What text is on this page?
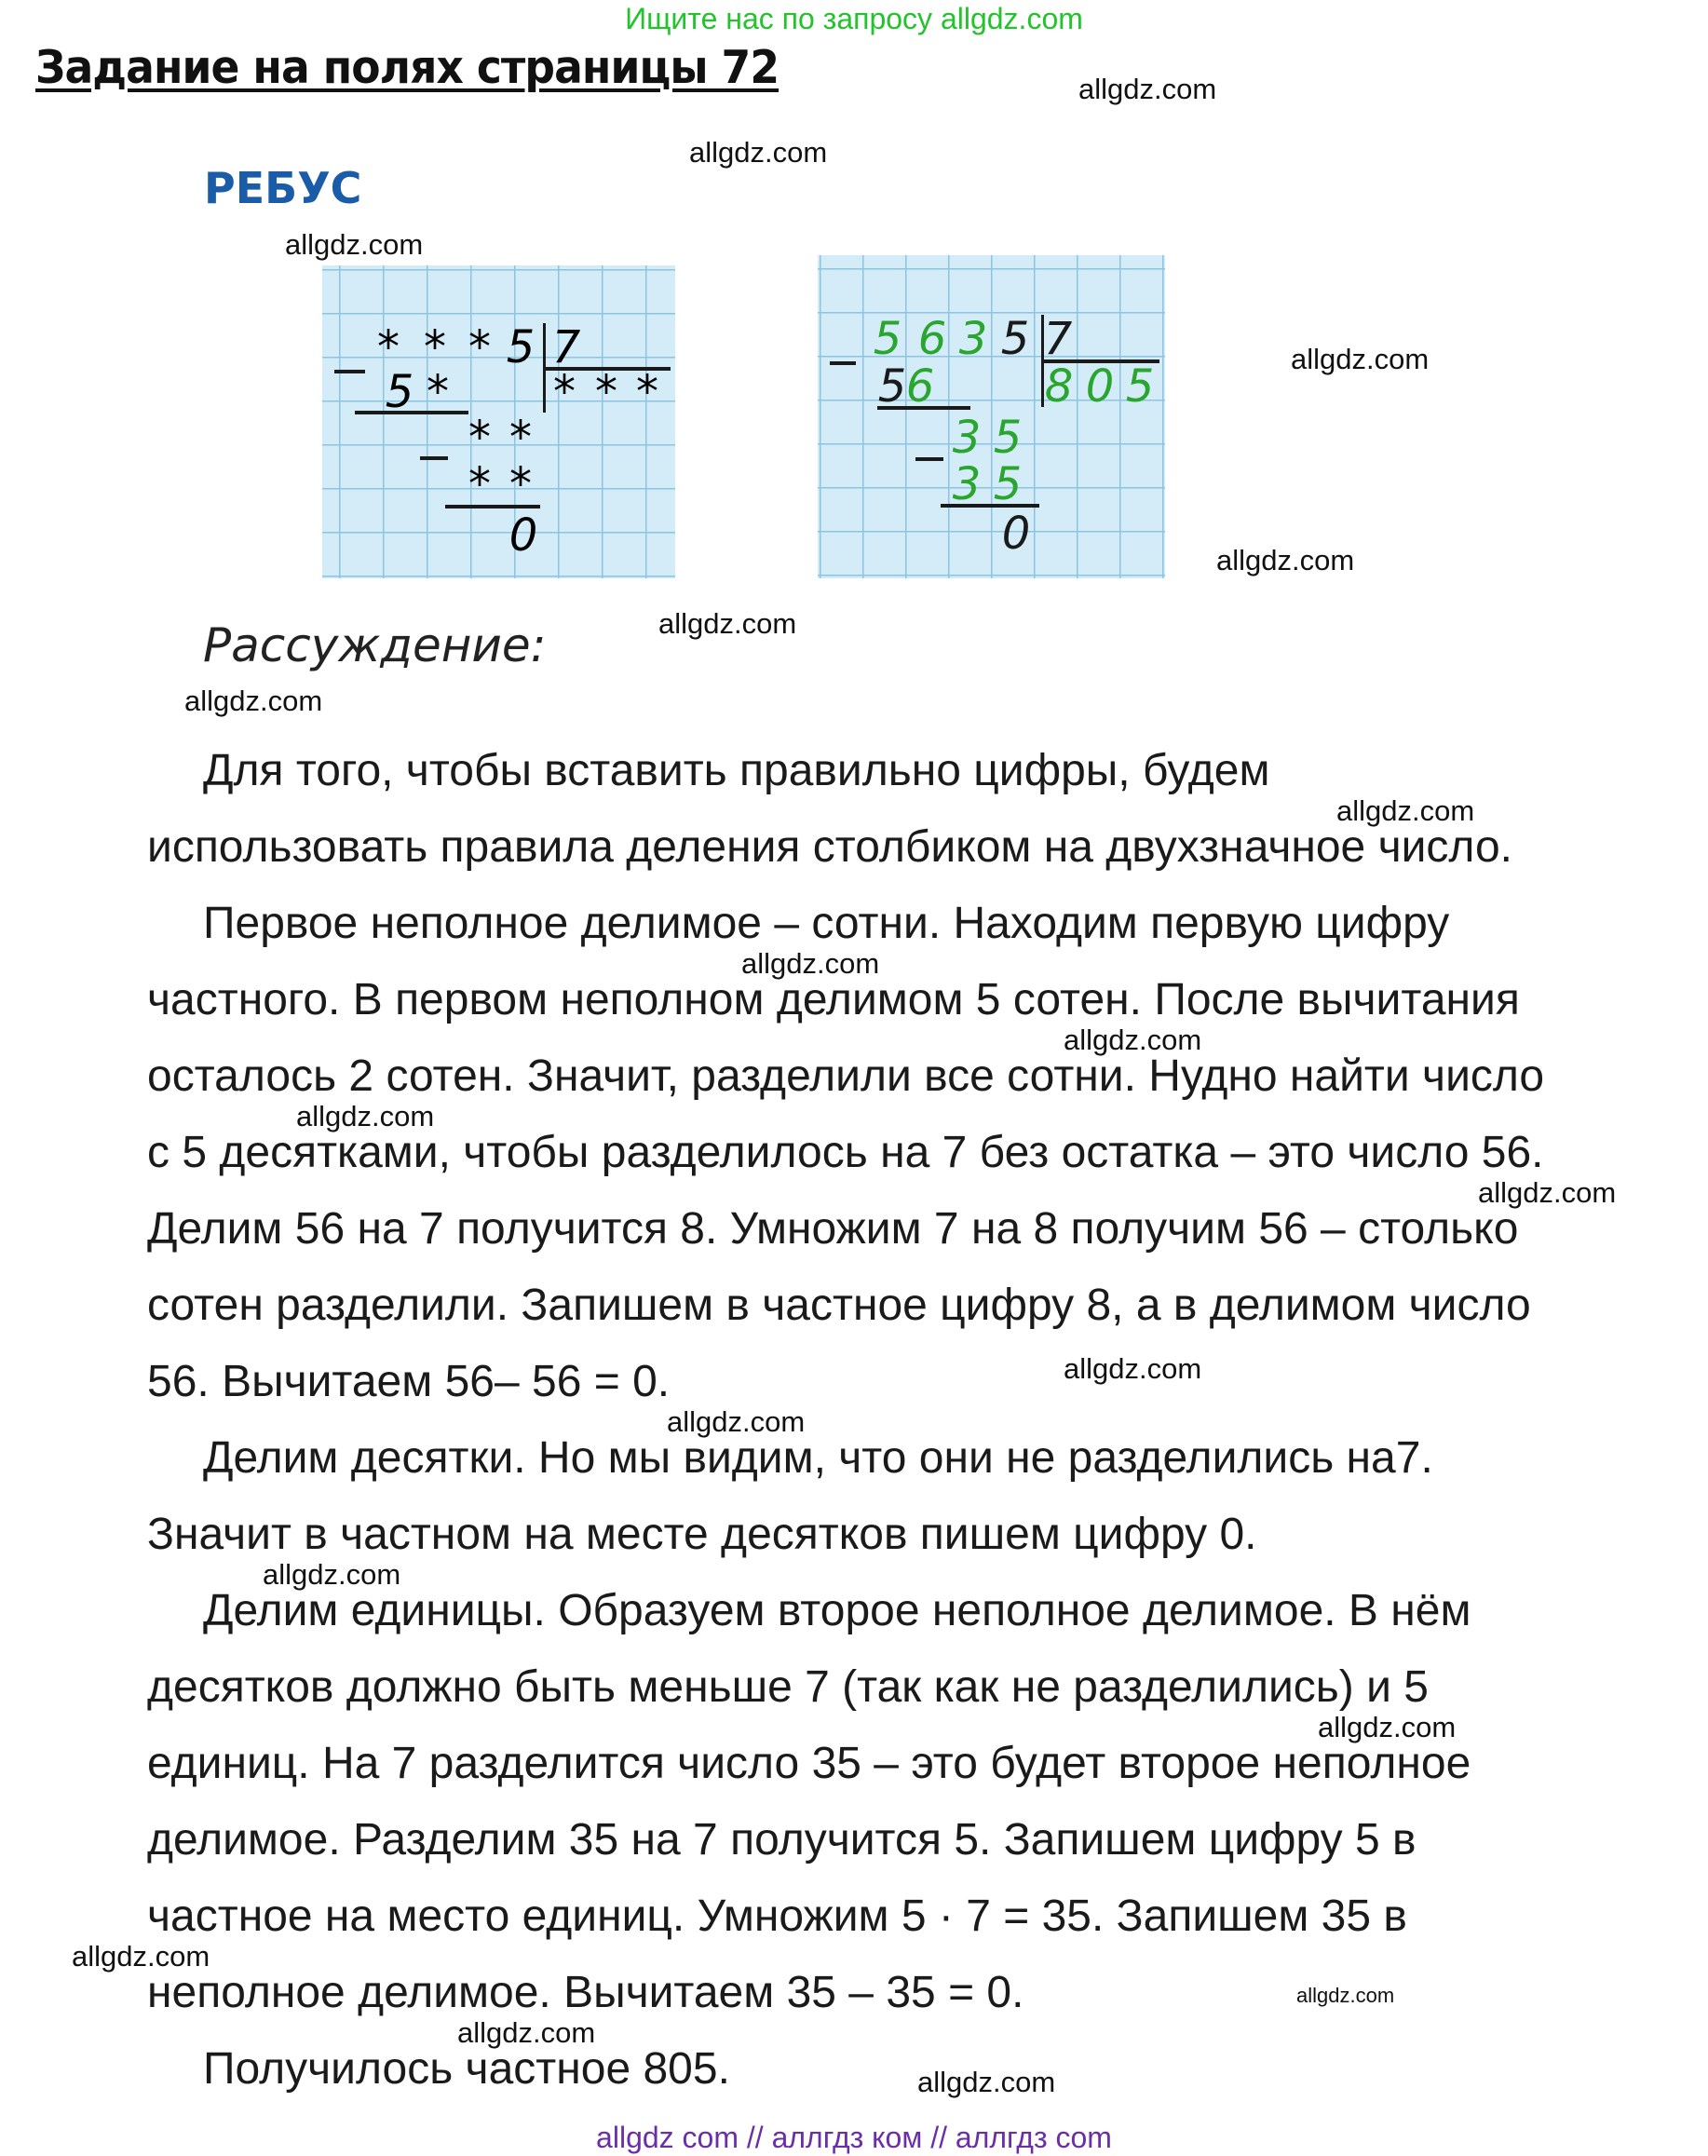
Ищите нас по запросу allgdz.com
Задание на полях страницы 72
РЕБУС
allgdz.com
allgdz.com
allgdz.com
allgdz.com
allgdz.com
allgdz.com
allgdz.com
allgdz.com
allgdz.com
allgdz.com
allgdz.com
allgdz.com
allgdz.com
allgdz.com
allgdz.com
allgdz.com
allgdz.com
allgdz.com
allgdz.com
allgdz.com
* * * 5 7
5 * * * *
* *
* *
0
5 6 3 5 7
5 6 8 0 5
3 5
3 5
0
Рассуждение:
Для того, чтобы вставить правильно цифры, будем
использовать правила деления столбиком на двухзначное число.
Первое неполное делимое – сотни. Находим первую цифру
частного. В первом неполном делимом 5 сотен. После вычитания
осталось 2 сотен. Значит, разделили все сотни. Нудно найти число
с 5 десятками, чтобы разделилось на 7 без остатка – это число 56.
Делим 56 на 7 получится 8. Умножим 7 на 8 получим 56 – столько
сотен разделили. Запишем в частное цифру 8, а в делимом число
56. Вычитаем 56– 56 = 0.
Делим десятки. Но мы видим, что они не разделились на7.
Значит в частном на месте десятков пишем цифру 0.
Делим единицы. Образуем второе неполное делимое. В нём
десятков должно быть меньше 7 (так как не разделились) и 5
единиц. На 7 разделится число 35 – это будет второе неполное
делимое. Разделим 35 на 7 получится 5. Запишем цифру 5 в
частное на место единиц. Умножим 5 · 7 = 35. Запишем 35 в
неполное делимое. Вычитаем 35 – 35 = 0.
Получилось частное 805.
allgdz com // аллгдз ком // аллгдз com
